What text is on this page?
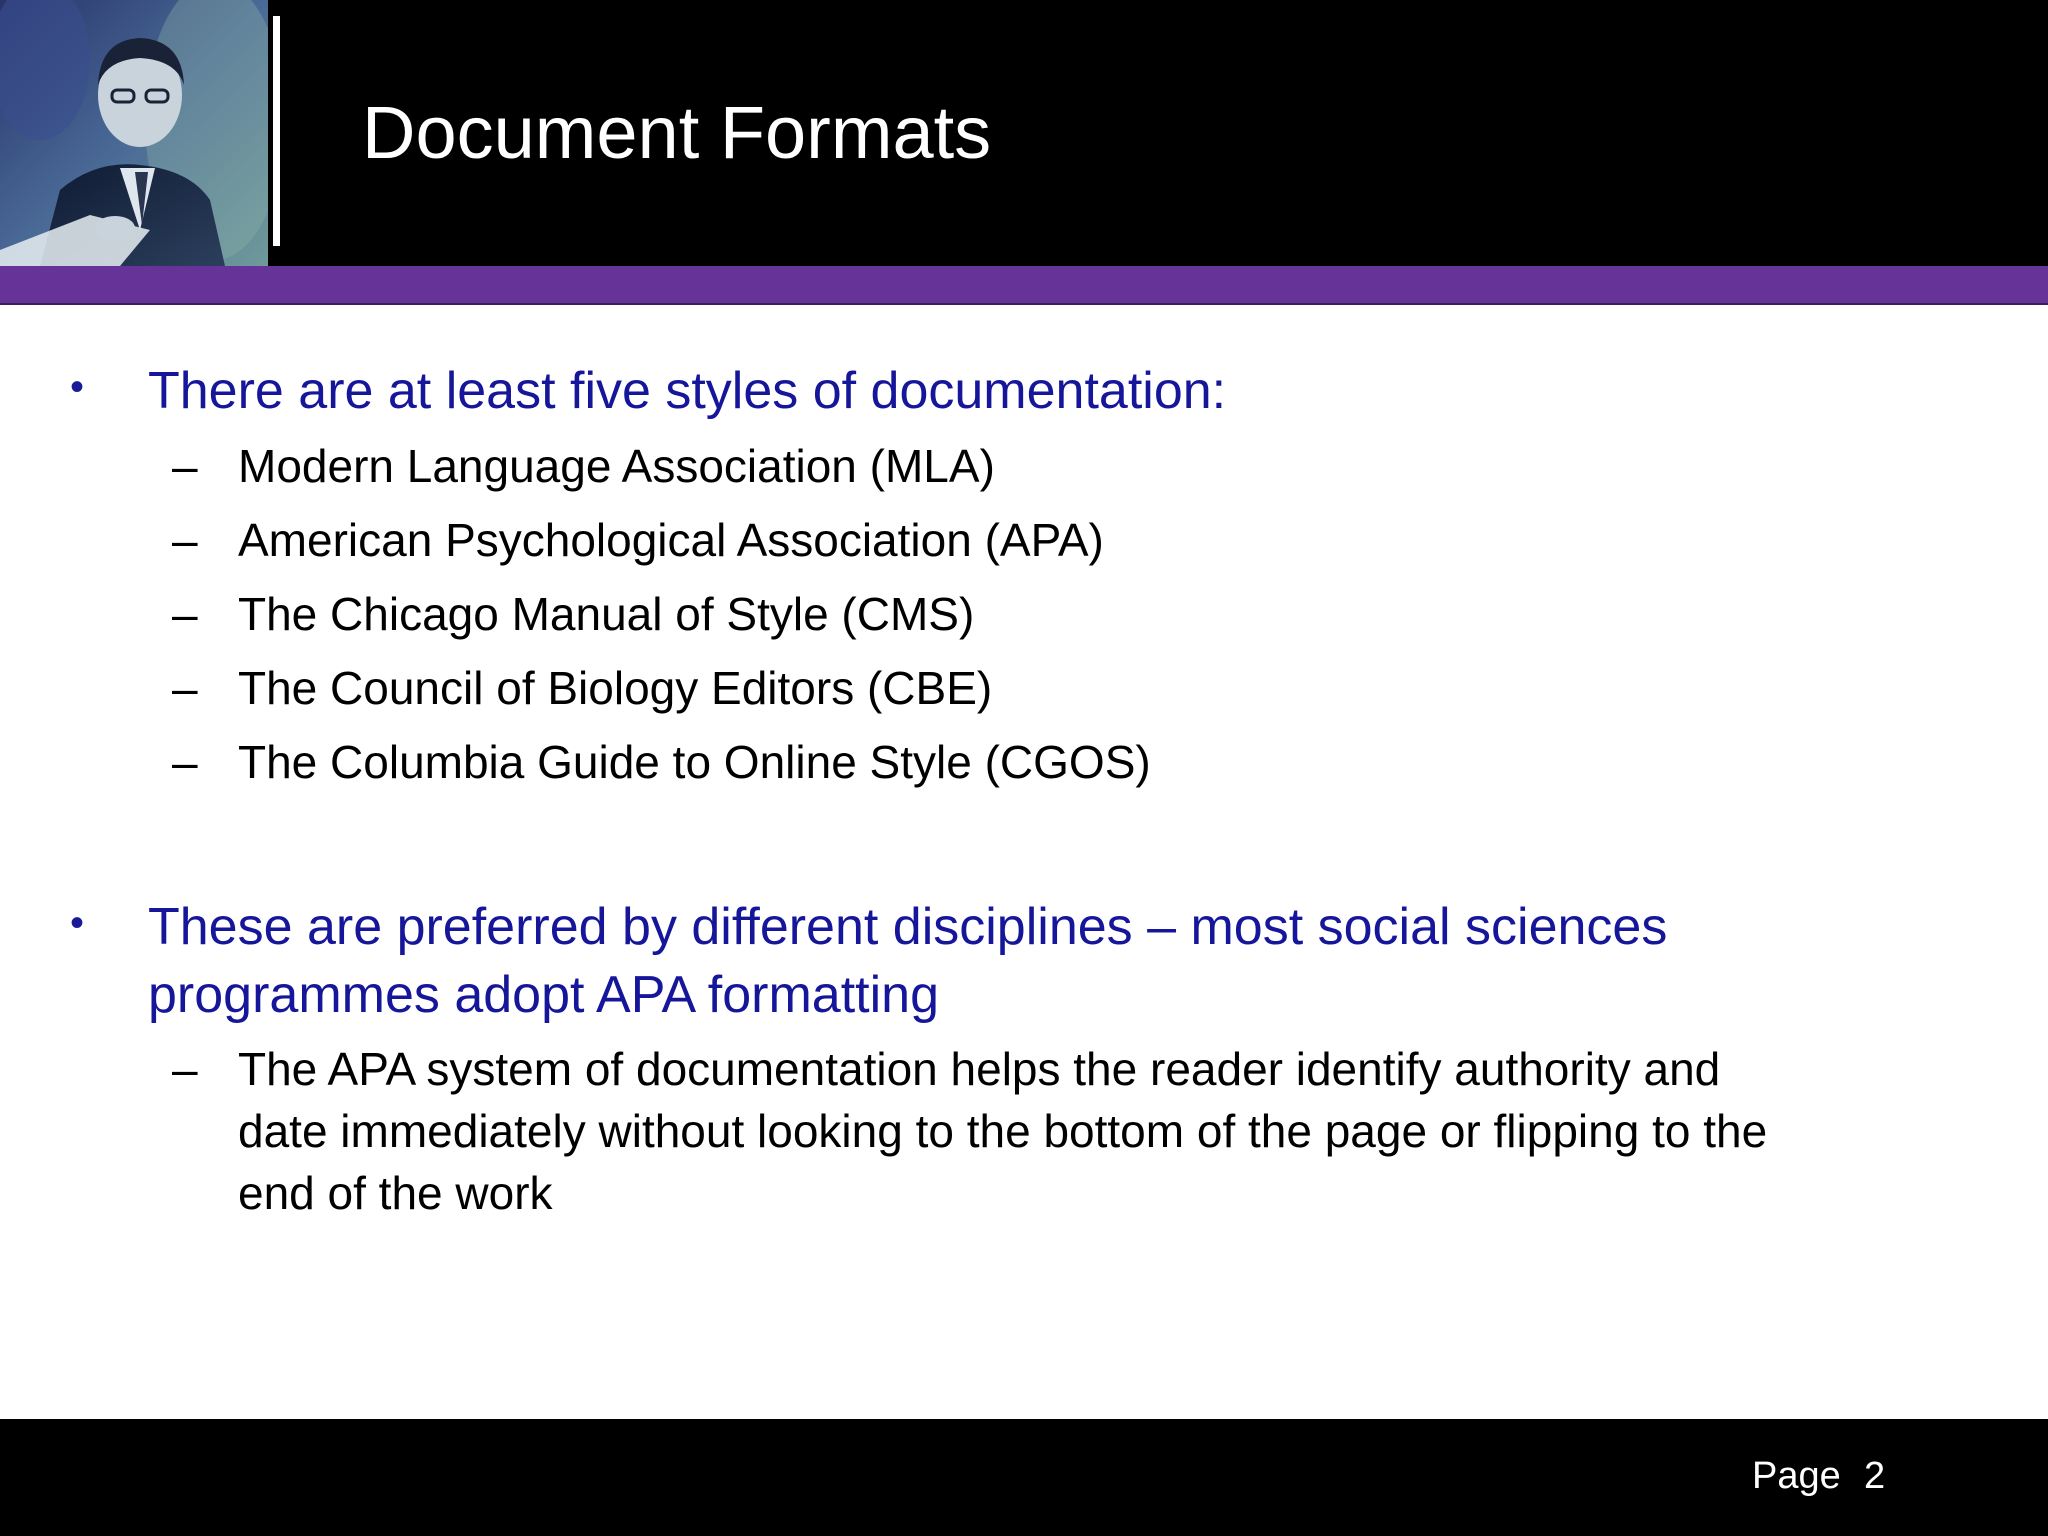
Document Formats
• There are at least five styles of documentation:
– Modern Language Association (MLA)
– American Psychological Association (APA)
– The Chicago Manual of Style (CMS)
– The Council of Biology Editors (CBE)
– The Columbia Guide to Online Style (CGOS)
• These are preferred by different disciplines – most social sciences programmes adopt APA formatting
– The APA system of documentation helps the reader identify authority and date immediately without looking to the bottom of the page or flipping to the end of the work
Page 2
